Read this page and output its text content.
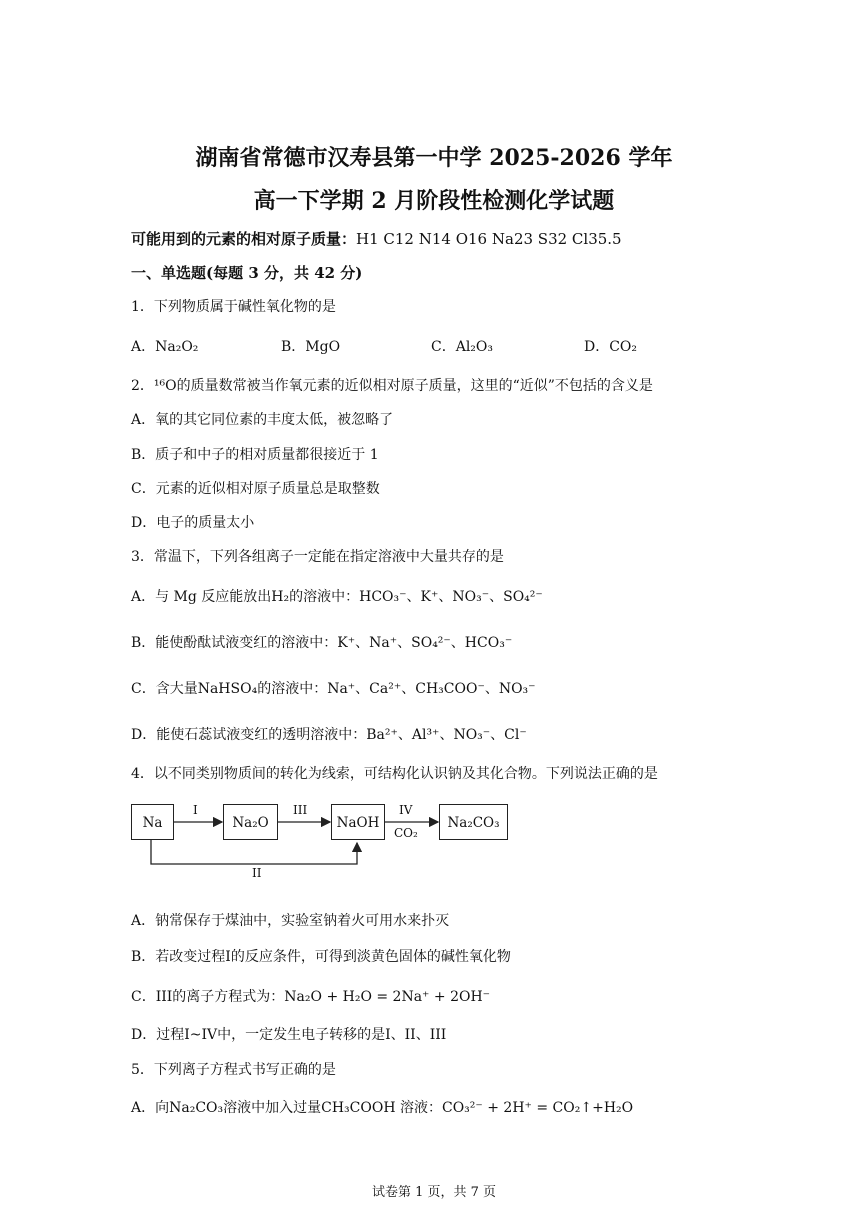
湖南省常德市汉寿县第一中学 2025-2026 学年
高一下学期 2 月阶段性检测化学试题
可能用到的元素的相对原子质量：H1 C12 N14 O16 Na23 S32 Cl35.5
一、单选题(每题 3 分，共 42 分)
1．下列物质属于碱性氧化物的是
A．Na₂O₂	B．MgO	C．Al₂O₃	D．CO₂
2．¹⁶O的质量数常被当作氧元素的近似相对原子质量，这里的“近似”不包括的含义是
A．氧的其它同位素的丰度太低，被忽略了
B．质子和中子的相对质量都很接近于 1
C．元素的近似相对原子质量总是取整数
D．电子的质量太小
3．常温下，下列各组离子一定能在指定溶液中大量共存的是
A．与 Mg 反应能放出H₂的溶液中：HCO₃⁻、K⁺、NO₃⁻、SO₄²⁻
B．能使酚酞试液变红的溶液中：K⁺、Na⁺、SO₄²⁻、HCO₃⁻
C．含大量NaHSO₄的溶液中：Na⁺、Ca²⁺、CH₃COO⁻、NO₃⁻
D．能使石蕊试液变红的透明溶液中：Ba²⁺、Al³⁺、NO₃⁻、Cl⁻
4．以不同类别物质间的转化为线索，可结构化认识钠及其化合物。下列说法正确的是
Na	Na₂O	NaOH	Na₂CO₃
I	III	IV
CO₂
II
A．钠常保存于煤油中，实验室钠着火可用水来扑灭
B．若改变过程I的反应条件，可得到淡黄色固体的碱性氧化物
C．III的离子方程式为：Na₂O + H₂O = 2Na⁺ + 2OH⁻
D．过程I~IV中，一定发生电子转移的是I、II、III
5．下列离子方程式书写正确的是
A．向Na₂CO₃溶液中加入过量CH₃COOH 溶液：CO₃²⁻ + 2H⁺ = CO₂↑+H₂O
试卷第 1 页，共 7 页
